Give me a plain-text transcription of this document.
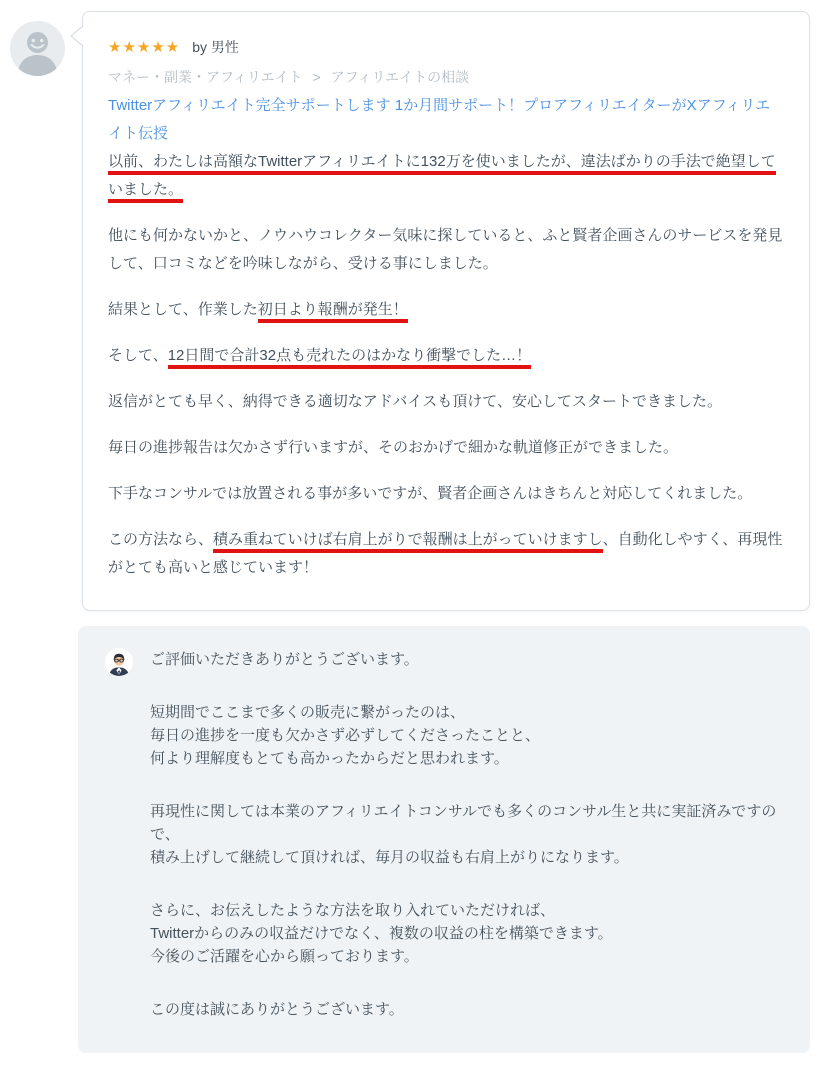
★★★★★ by 男性
マネー・副業・アフィリエイト > アフィリエイトの相談
Twitterアフィリエイト完全サポートします 1か月間サポート！プロアフィリエイターがXアフィリエイト伝授

以前、わたしは高額なTwitterアフィリエイトに132万を使いましたが、違法ばかりの手法で絶望していました。

他にも何かないかと、ノウハウコレクター気味に探していると、ふと賢者企画さんのサービスを発見して、口コミなどを吟味しながら、受ける事にしました。

結果として、作業した初日より報酬が発生！

そして、12日間で合計32点も売れたのはかなり衝撃でした…！

返信がとても早く、納得できる適切なアドバイスも頂けて、安心してスタートできました。

毎日の進捗報告は欠かさず行いますが、そのおかげで細かな軌道修正ができました。

下手なコンサルでは放置される事が多いですが、賢者企画さんはきちんと対応してくれました。

この方法なら、積み重ねていけば右肩上がりで報酬は上がっていけますし、自動化しやすく、再現性がとても高いと感じています！

ご評価いただきありがとうございます。

短期間でここまで多くの販売に繋がったのは、
毎日の進捗を一度も欠かさず必ずしてくださったことと、
何より理解度もとても高かったからだと思われます。

再現性に関しては本業のアフィリエイトコンサルでも多くのコンサル生と共に実証済みですので、
積み上げして継続して頂ければ、毎月の収益も右肩上がりになります。

さらに、お伝えしたような方法を取り入れていただければ、
Twitterからのみの収益だけでなく、複数の収益の柱を構築できます。
今後のご活躍を心から願っております。

この度は誠にありがとうございます。
